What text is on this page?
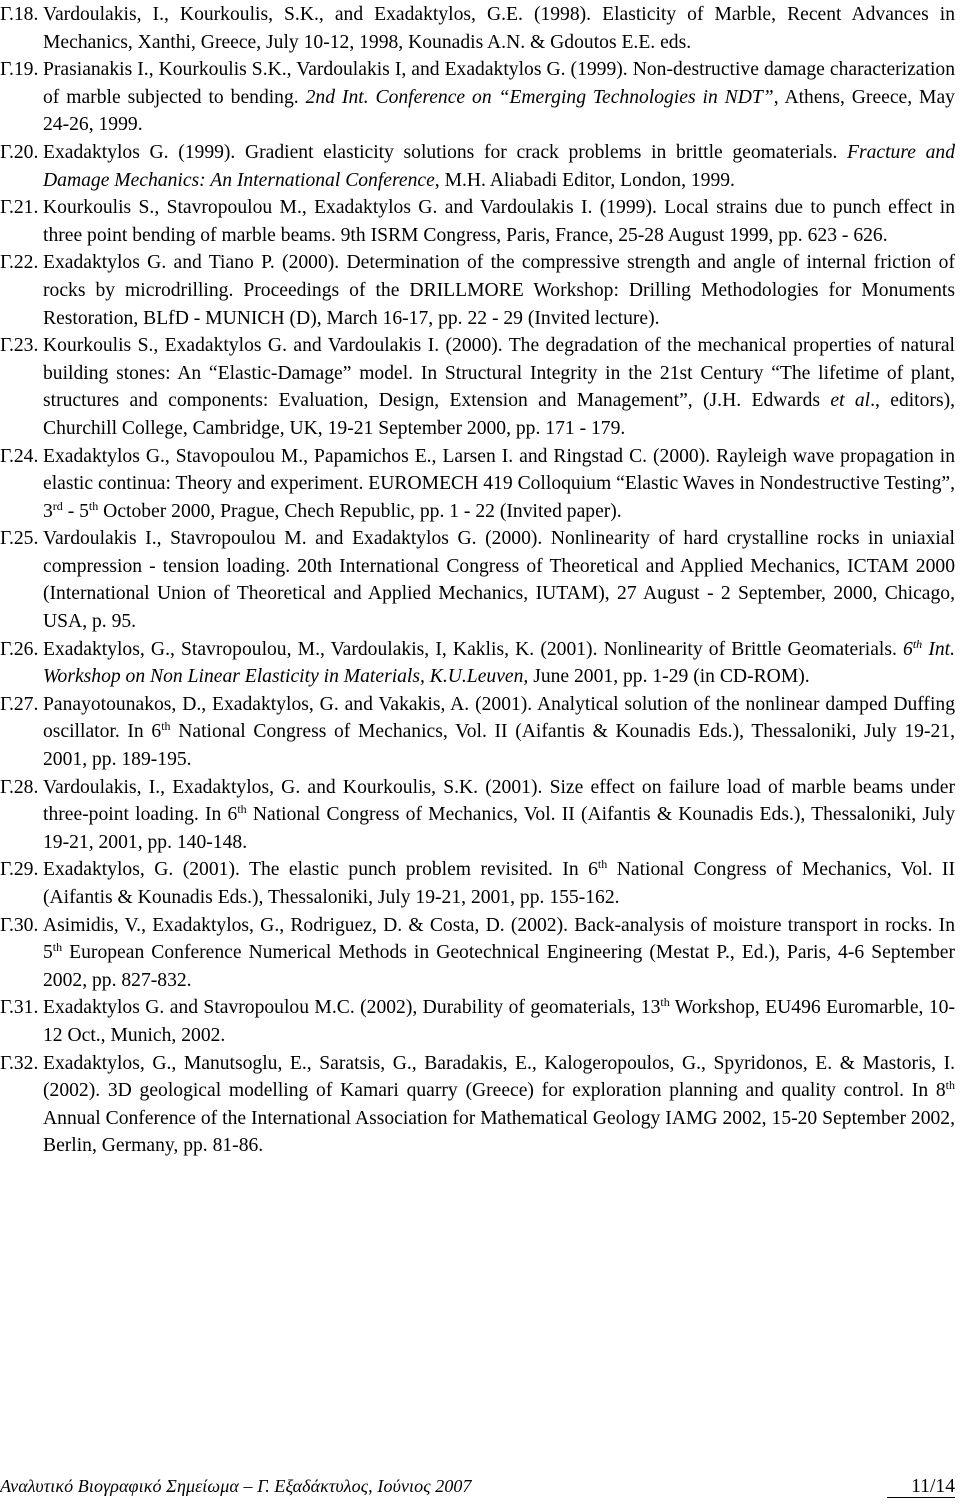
Γ.18. Vardoulakis, I., Kourkoulis, S.K., and Exadaktylos, G.E. (1998). Elasticity of Marble, Recent Advances in Mechanics, Xanthi, Greece, July 10-12, 1998, Kounadis A.N. & Gdoutos E.E. eds.
Γ.19. Prasianakis I., Kourkoulis S.K., Vardoulakis I, and Exadaktylos G. (1999). Non-destructive damage characterization of marble subjected to bending. 2nd Int. Conference on “Emerging Technologies in NDT”, Athens, Greece, May 24-26, 1999.
Γ.20. Exadaktylos G. (1999). Gradient elasticity solutions for crack problems in brittle geomaterials. Fracture and Damage Mechanics: An International Conference, M.H. Aliabadi Editor, London, 1999.
Γ.21. Kourkoulis S., Stavropoulou M., Exadaktylos G. and Vardoulakis I. (1999). Local strains due to punch effect in three point bending of marble beams. 9th ISRM Congress, Paris, France, 25-28 August 1999, pp. 623 - 626.
Γ.22. Exadaktylos G. and Tiano P. (2000). Determination of the compressive strength and angle of internal friction of rocks by microdrilling. Proceedings of the DRILLMORE Workshop: Drilling Methodologies for Monuments Restoration, BLfD - MUNICH (D), March 16-17, pp. 22 - 29 (Invited lecture).
Γ.23. Kourkoulis S., Exadaktylos G. and Vardoulakis I. (2000). The degradation of the mechanical properties of natural building stones: An “Elastic-Damage” model. In Structural Integrity in the 21st Century “The lifetime of plant, structures and components: Evaluation, Design, Extension and Management”, (J.H. Edwards et al., editors), Churchill College, Cambridge, UK, 19-21 September 2000, pp. 171 - 179.
Γ.24. Exadaktylos G., Stavopoulou M., Papamichos E., Larsen I. and Ringstad C. (2000). Rayleigh wave propagation in elastic continua: Theory and experiment. EUROMECH 419 Colloquium “Elastic Waves in Nondestructive Testing”, 3rd - 5th October 2000, Prague, Chech Republic, pp. 1 - 22 (Invited paper).
Γ.25. Vardoulakis I., Stavropoulou M. and Exadaktylos G. (2000). Nonlinearity of hard crystalline rocks in uniaxial compression - tension loading. 20th International Congress of Theoretical and Applied Mechanics, ICTAM 2000 (International Union of Theoretical and Applied Mechanics, IUTAM), 27 August - 2 September, 2000, Chicago, USA, p. 95.
Γ.26. Exadaktylos, G., Stavropoulou, M., Vardoulakis, I, Kaklis, K. (2001). Nonlinearity of Brittle Geomaterials. 6th Int. Workshop on Non Linear Elasticity in Materials, K.U.Leuven, June 2001, pp. 1-29 (in CD-ROM).
Γ.27. Panayotounakos, D., Exadaktylos, G. and Vakakis, A. (2001). Analytical solution of the nonlinear damped Duffing oscillator. In 6th National Congress of Mechanics, Vol. II (Aifantis & Kounadis Eds.), Thessaloniki, July 19-21, 2001, pp. 189-195.
Γ.28. Vardoulakis, I., Exadaktylos, G. and Kourkoulis, S.K. (2001). Size effect on failure load of marble beams under three-point loading. In 6th National Congress of Mechanics, Vol. II (Aifantis & Kounadis Eds.), Thessaloniki, July 19-21, 2001, pp. 140-148.
Γ.29. Exadaktylos, G. (2001). The elastic punch problem revisited. In 6th National Congress of Mechanics, Vol. II (Aifantis & Kounadis Eds.), Thessaloniki, July 19-21, 2001, pp. 155-162.
Γ.30. Asimidis, V., Exadaktylos, G., Rodriguez, D. & Costa, D. (2002). Back-analysis of moisture transport in rocks. In 5th European Conference Numerical Methods in Geotechnical Engineering (Mestat P., Ed.), Paris, 4-6 September 2002, pp. 827-832.
Γ.31. Exadaktylos G. and Stavropoulou M.C. (2002), Durability of geomaterials, 13th Workshop, EU496 Euromarble, 10-12 Oct., Munich, 2002.
Γ.32. Exadaktylos, G., Manutsoglu, E., Saratsis, G., Baradakis, E., Kalogeropoulos, G., Spyridonos, E. & Mastoris, I. (2002). 3D geological modelling of Kamari quarry (Greece) for exploration planning and quality control. In 8th Annual Conference of the International Association for Mathematical Geology IAMG 2002, 15-20 September 2002, Berlin, Germany, pp. 81-86.
Αναλυτικό Βιογραφικό Σημείωμα – Γ. Εξαδάκτυλος, Ιούνιος 2007	11/14
